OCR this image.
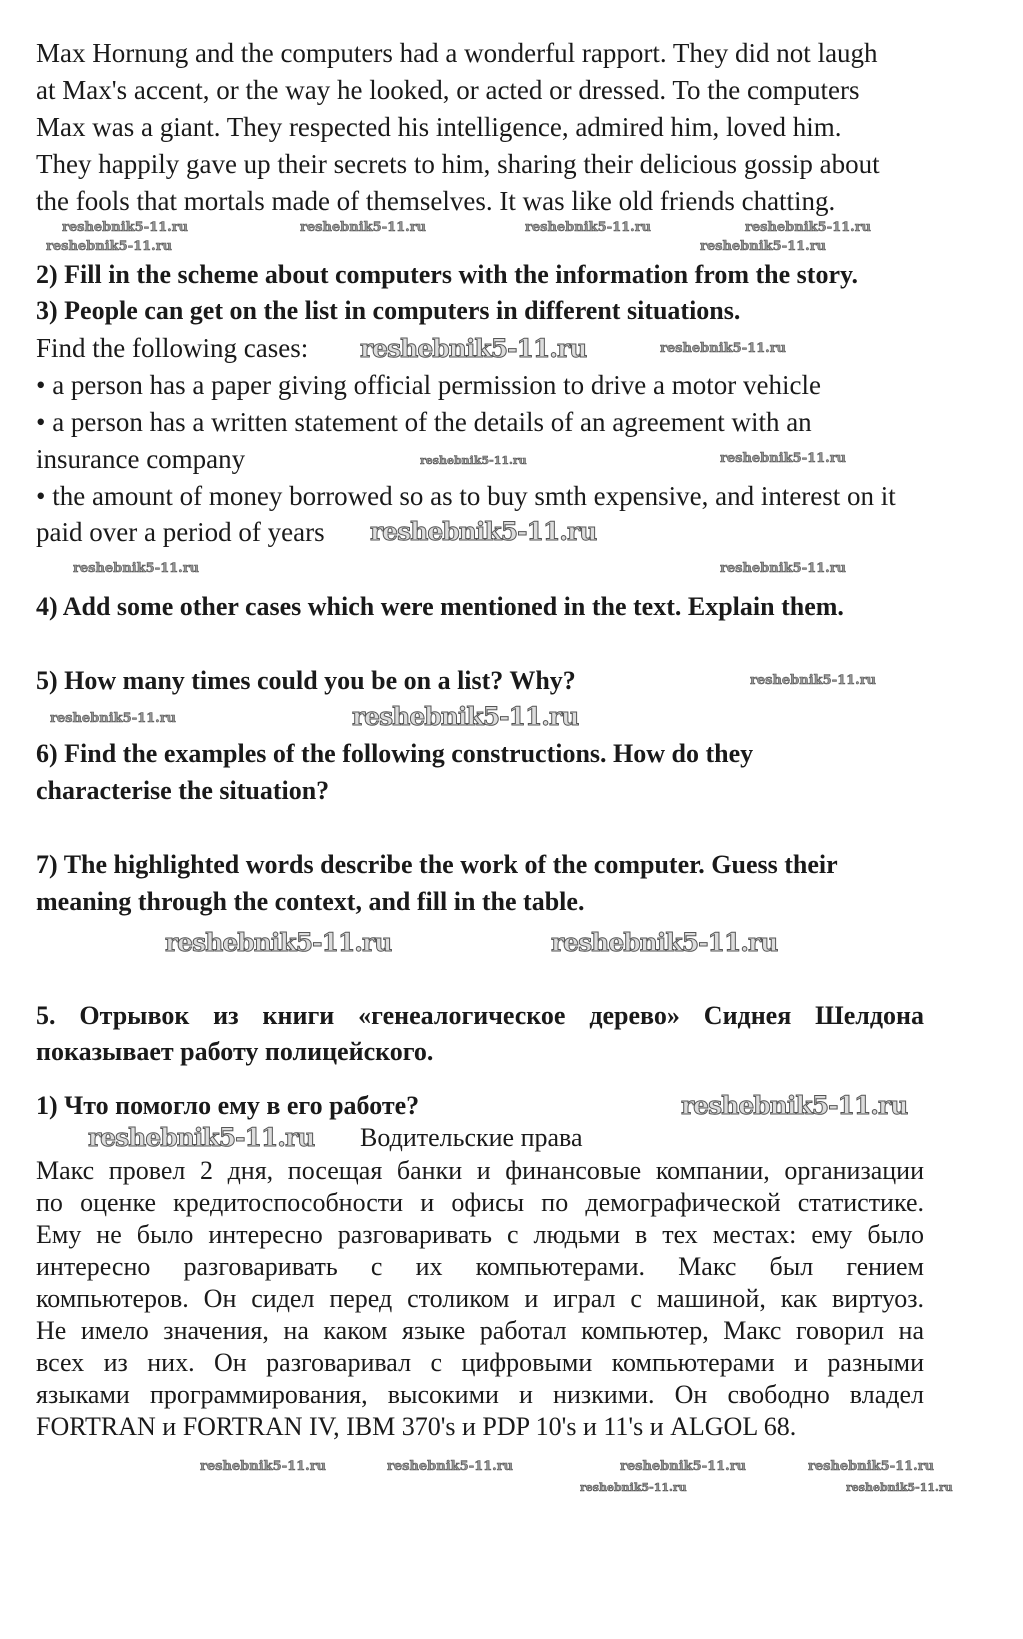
Max Hornung and the computers had a wonderful rapport. They did not laugh
at Max's accent, or the way he looked, or acted or dressed. To the computers
Max was a giant. They respected his intelligence, admired him, loved him.
They happily gave up their secrets to him, sharing their delicious gossip about
the fools that mortals made of themselves. It was like old friends chatting.
2) Fill in the scheme about computers with the information from the story.
3) People can get on the list in computers in different situations.
Find the following cases:
• a person has a paper giving official permission to drive a motor vehicle
• a person has a written statement of the details of an agreement with an
insurance company
• the amount of money borrowed so as to buy smth expensive, and interest on it
paid over a period of years
4) Add some other cases which were mentioned in the text. Explain them.
5) How many times could you be on a list? Why?
6) Find the examples of the following constructions. How do they
characterise the situation?
7) The highlighted words describe the work of the computer. Guess their
meaning through the context, and fill in the table.
5. Отрывок из книги «генеалогическое дерево» Сиднея Шелдона
показывает работу полицейского.
1) Что помогло ему в его работе?
Водительские права
Макс провел 2 дня, посещая банки и финансовые компании, организации
по оценке кредитоспособности и офисы по демографической статистике.
Ему не было интересно разговаривать с людьми в тех местах: ему было
интересно разговаривать с их компьютерами. Макс был гением
компьютеров. Он сидел перед столиком и играл с машиной, как виртуоз.
Не имело значения, на каком языке работал компьютер, Макс говорил на
всех из них. Он разговаривал с цифровыми компьютерами и разными
языками программирования, высокими и низкими. Он свободно владел
FORTRAN и FORTRAN IV, IBM 370's и PDP 10's и 11's и ALGOL 68.
reshebnik5-11.ru
reshebnik5-11.ru	reshebnik5-11.ru
reshebnik5-11.ru
reshebnik5-11.ru	reshebnik5-11.ru
reshebnik5-11.ru	reshebnik5-11.ru
reshebnik5-11.ru
reshebnik5-11.ru
reshebnik5-11.ru
reshebnik5-11.ru
reshebnik5-11.ru
reshebnik5-11.ru
reshebnik5-11.ru	reshebnik5-11.ru
reshebnik5-11.ru	reshebnik5-11.ru
reshebnik5-11.ru
reshebnik5-11.ru
reshebnik5-11.ru	reshebnik5-11.ru
reshebnik5-11.ru	reshebnik5-11.ru
reshebnik5-11.ru	reshebnik5-11.ru
